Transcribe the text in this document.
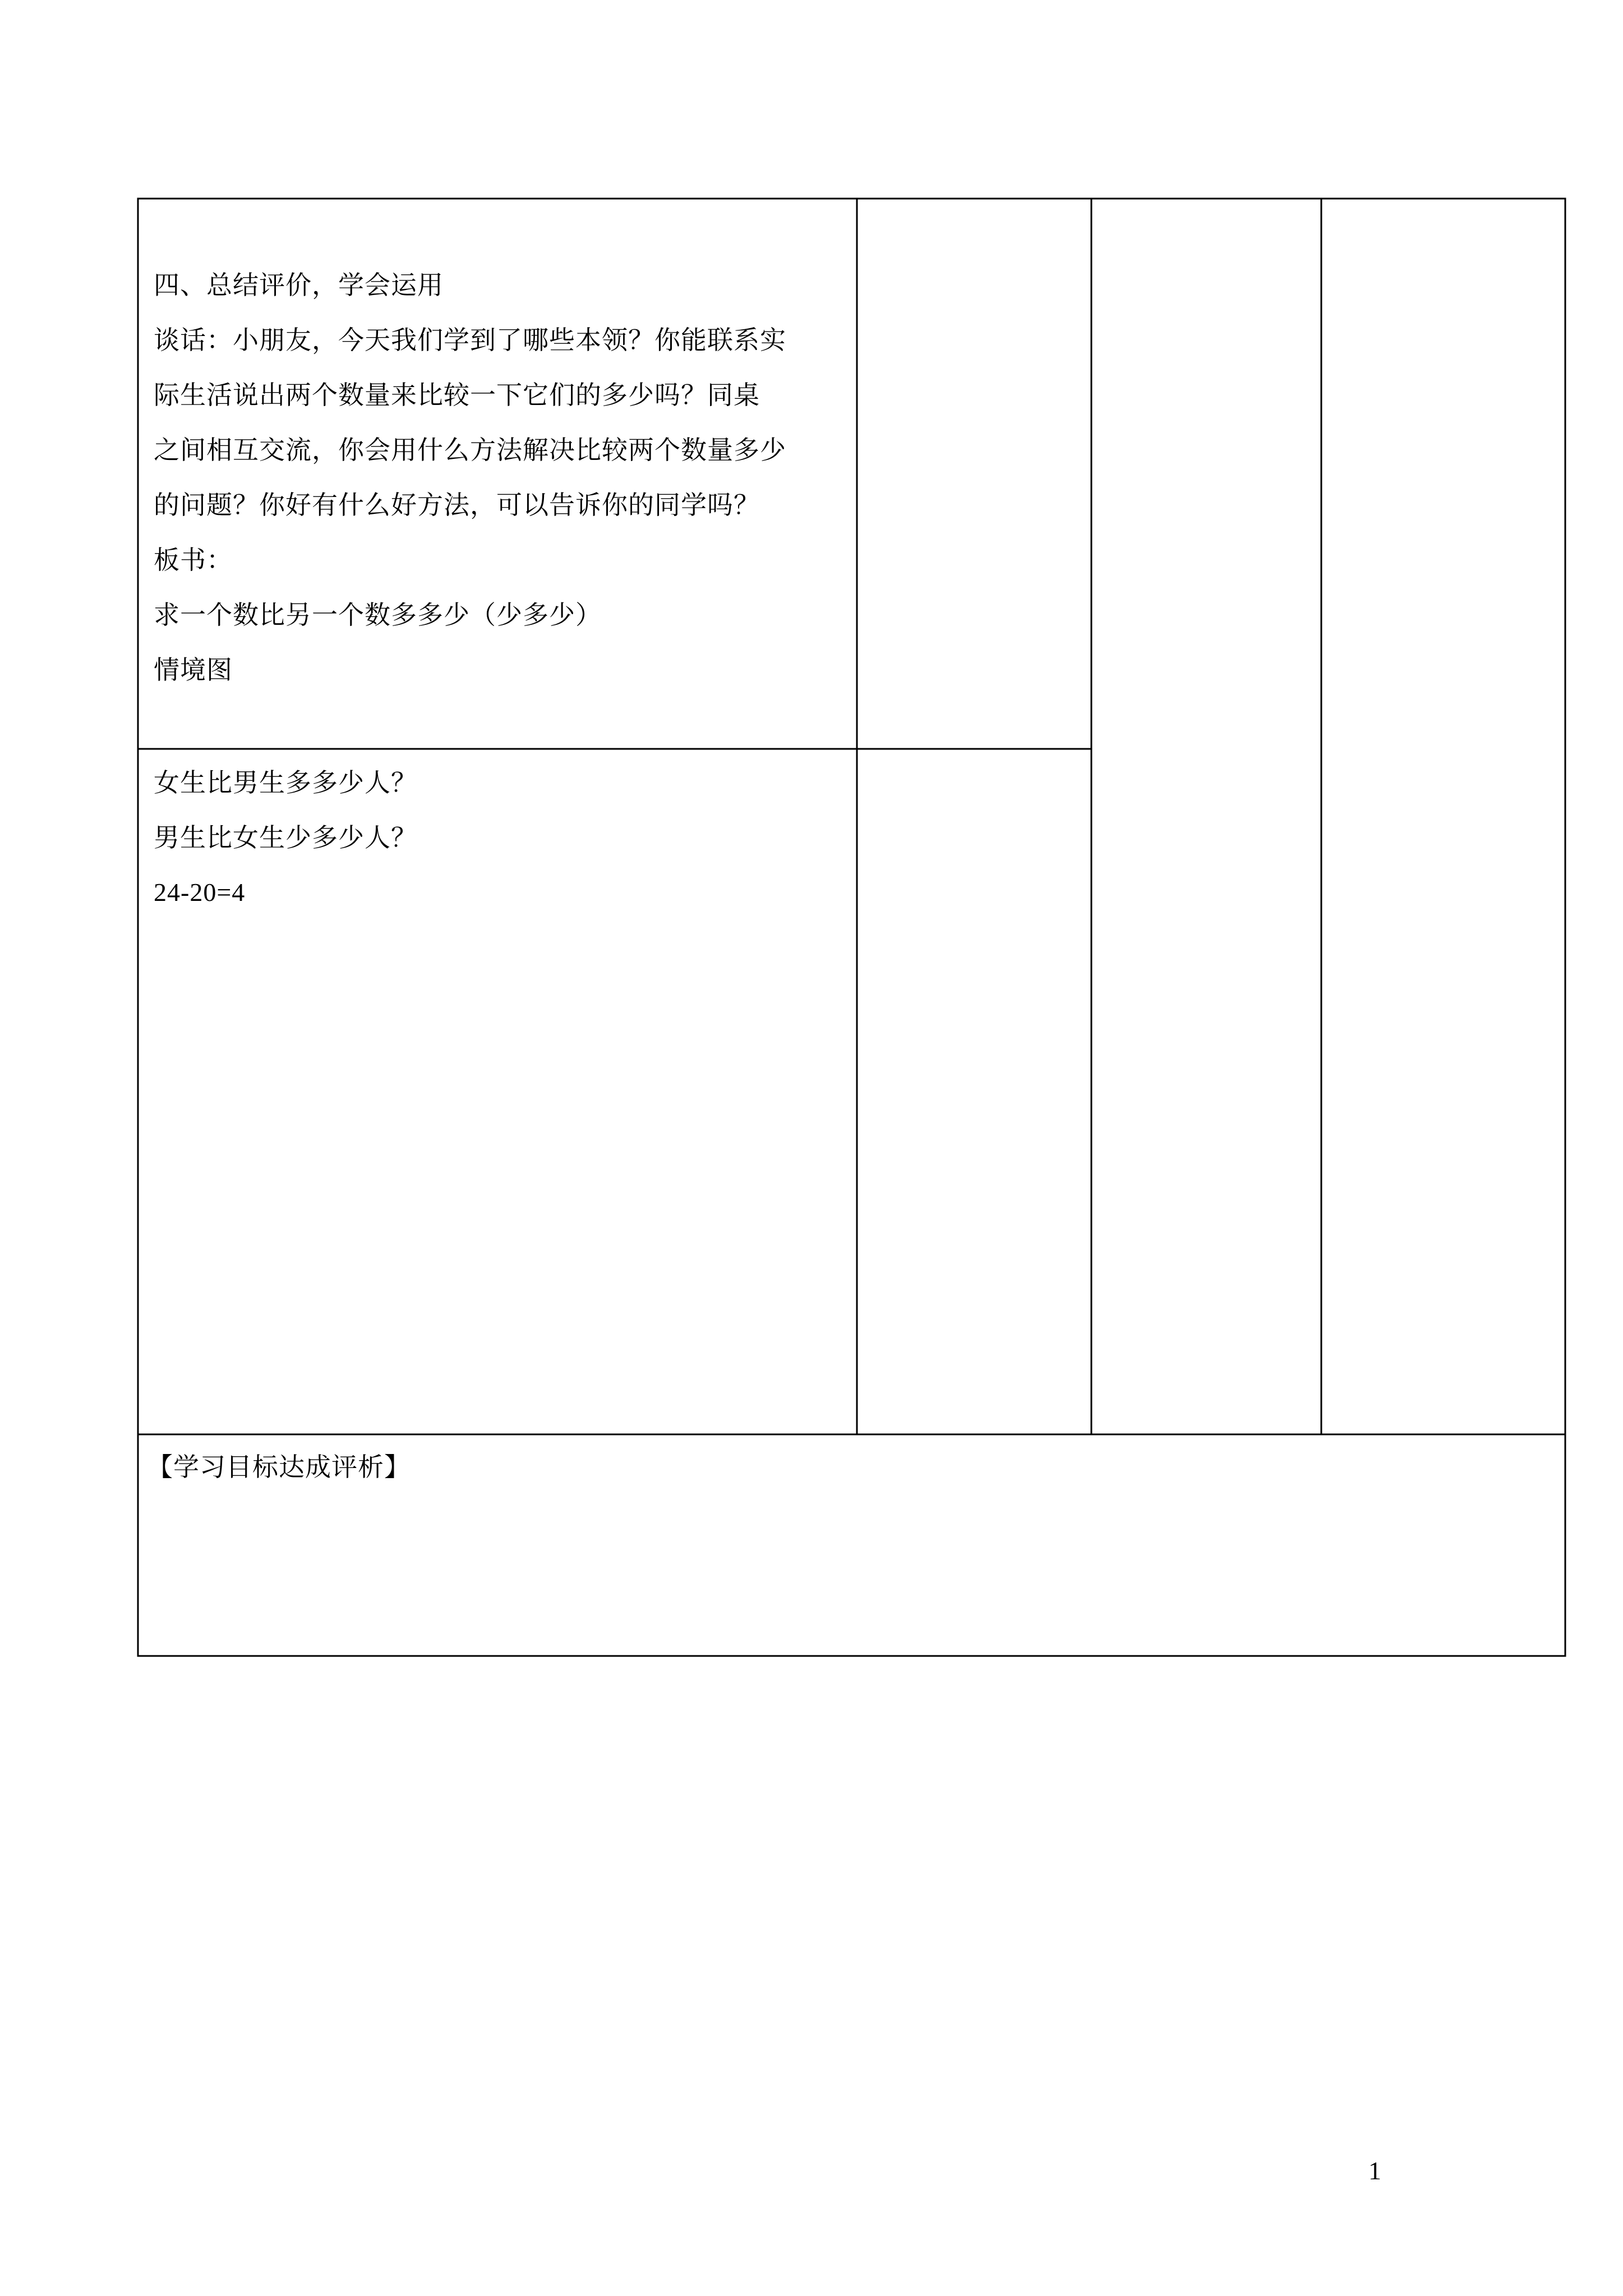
四、总结评价，学会运用
谈话：小朋友，今天我们学到了哪些本领？你能联系实
际生活说出两个数量来比较一下它们的多少吗？同桌
之间相互交流，你会用什么方法解决比较两个数量多少
的问题？你好有什么好方法，可以告诉你的同学吗？
板书：
求一个数比另一个数多多少（少多少）
情境图
女生比男生多多少人？
男生比女生少多少人？
24-20=4
【学习目标达成评析】
1
